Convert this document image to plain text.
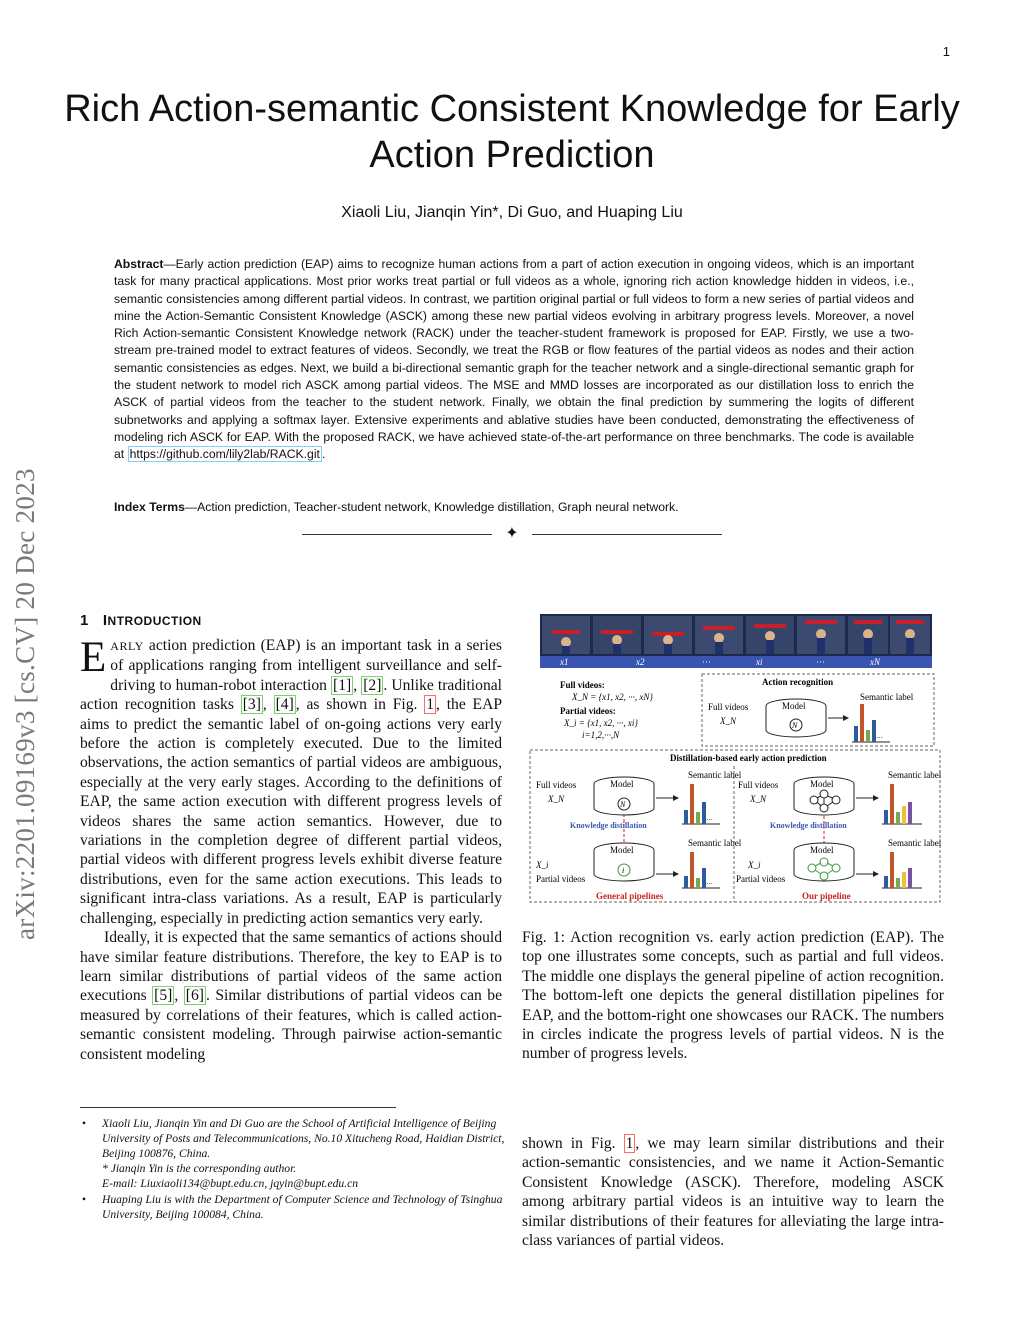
1
Rich Action-semantic Consistent Knowledge for Early Action Prediction
Xiaoli Liu, Jianqin Yin*, Di Guo, and Huaping Liu
Abstract—Early action prediction (EAP) aims to recognize human actions from a part of action execution in ongoing videos, which is an important task for many practical applications. Most prior works treat partial or full videos as a whole, ignoring rich action knowledge hidden in videos, i.e., semantic consistencies among different partial videos. In contrast, we partition original partial or full videos to form a new series of partial videos and mine the Action-Semantic Consistent Knowledge (ASCK) among these new partial videos evolving in arbitrary progress levels. Moreover, a novel Rich Action-semantic Consistent Knowledge network (RACK) under the teacher-student framework is proposed for EAP. Firstly, we use a two-stream pre-trained model to extract features of videos. Secondly, we treat the RGB or flow features of the partial videos as nodes and their action semantic consistencies as edges. Next, we build a bi-directional semantic graph for the teacher network and a single-directional semantic graph for the student network to model rich ASCK among partial videos. The MSE and MMD losses are incorporated as our distillation loss to enrich the ASCK of partial videos from the teacher to the student network. Finally, we obtain the final prediction by summering the logits of different subnetworks and applying a softmax layer. Extensive experiments and ablative studies have been conducted, demonstrating the effectiveness of modeling rich ASCK for EAP. With the proposed RACK, we have achieved state-of-the-art performance on three benchmarks. The code is available at https://github.com/lily2lab/RACK.git .
Index Terms—Action prediction, Teacher-student network, Knowledge distillation, Graph neural network.
✦
arXiv:2201.09169v3 [cs.CV] 20 Dec 2023	1 INTRODUCTION

EARLY action prediction (EAP) is an important task in a series of applications ranging from intelligent surveillance and self-driving to human-robot interaction [1] , [2] . Unlike traditional action recognition tasks [3] , [4] , as shown in Fig. 1 , the EAP aims to predict the semantic label of on-going actions very early before the action is completely executed. Due to the limited observations, the action semantics of partial videos are ambiguous, especially at the very early stages. According to the definitions of EAP, the same action execution with different progress levels of videos shares the same action semantics. However, due to variations in the completion degree of different partial videos, partial videos with different progress levels exhibit diverse feature distributions, even for the same action executions. This leads to significant intra-class variations. As a result, EAP is particularly challenging, especially in predicting action semantics very early.

Ideally, it is expected that the same semantics of actions should have similar feature distributions. Therefore, the key to EAP is to learn similar distributions of partial videos of the same action executions [5] , [6] . Similar distributions of partial videos can be measured by correlations of their features, which is called action-semantic consistent modeling. Through pairwise action-semantic consistent modeling

• Xiaoli Liu, Jianqin Yin and Di Guo are the School of Artificial Intelligence of Beijing University of Posts and Telecommunications, No.10 Xitucheng Road, Haidian District, Beijing 100876, China.
* Jianqin Yin is the corresponding author.
E-mail: Liuxiaoli134@bupt.edu.cn, jqyin@bupt.edu.cn
• Huaping Liu is with the Department of Computer Science and Technology of Tsinghua University, Beijing 100084, China.
x1	x2	···	xi	···	xN
Full videos:
X_N = {x1, x2, ···, xN}
Partial videos:
X_i = {x1, x2, ···, xi}
i=1,2,···,N
Action recognition
Full videos
X_N
Model
N
Semantic label
···
Distillation-based early action prediction
Full videos
X_N
Model
N
Semantic label
···
Knowledge distillation
X_i
Partial videos
Model
i
Semantic label
···
General pipelines
Full videos
X_N
Model
Semantic label
Knowledge distillation
X_i
Partial videos
Model
Semantic label
Our pipeline
Fig. 1: Action recognition vs. early action prediction (EAP). The top one illustrates some concepts, such as partial and full videos. The middle one displays the general pipeline of action recognition. The bottom-left one depicts the general distillation pipelines for EAP, and the bottom-right one showcases our RACK. The numbers in circles indicate the progress levels of partial videos. N is the number of progress levels.

shown in Fig. 1 , we may learn similar distributions and their action-semantic consistencies, and we name it Action-Semantic Consistent Knowledge (ASCK). Therefore, modeling ASCK among arbitrary partial videos is an intuitive way to learn the similar distributions of their features for alleviating the large intra-class variances of partial videos.
